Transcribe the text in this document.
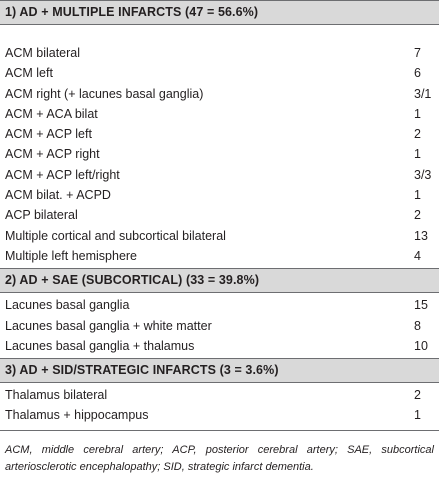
1) AD + MULTIPLE INFARCTS (47 = 56.6%)
ACM bilateral	7
ACM left	6
ACM right (+ lacunes basal ganglia)	3/1
ACM + ACA bilat	1
ACM + ACP left	2
ACM + ACP right	1
ACM + ACP left/right	3/3
ACM bilat. + ACPD	1
ACP bilateral	2
Multiple cortical and subcortical bilateral	13
Multiple left hemisphere	4
2) AD + SAE (SUBCORTICAL) (33 = 39.8%)
Lacunes basal ganglia	15
Lacunes basal ganglia + white matter	8
Lacunes basal ganglia + thalamus	10
3) AD + SID/STRATEGIC INFARCTS (3 = 3.6%)
Thalamus bilateral	2
Thalamus + hippocampus	1
ACM, middle cerebral artery; ACP, posterior cerebral artery; SAE, subcortical arteriosclerotic encephalopathy; SID, strategic infarct dementia.
